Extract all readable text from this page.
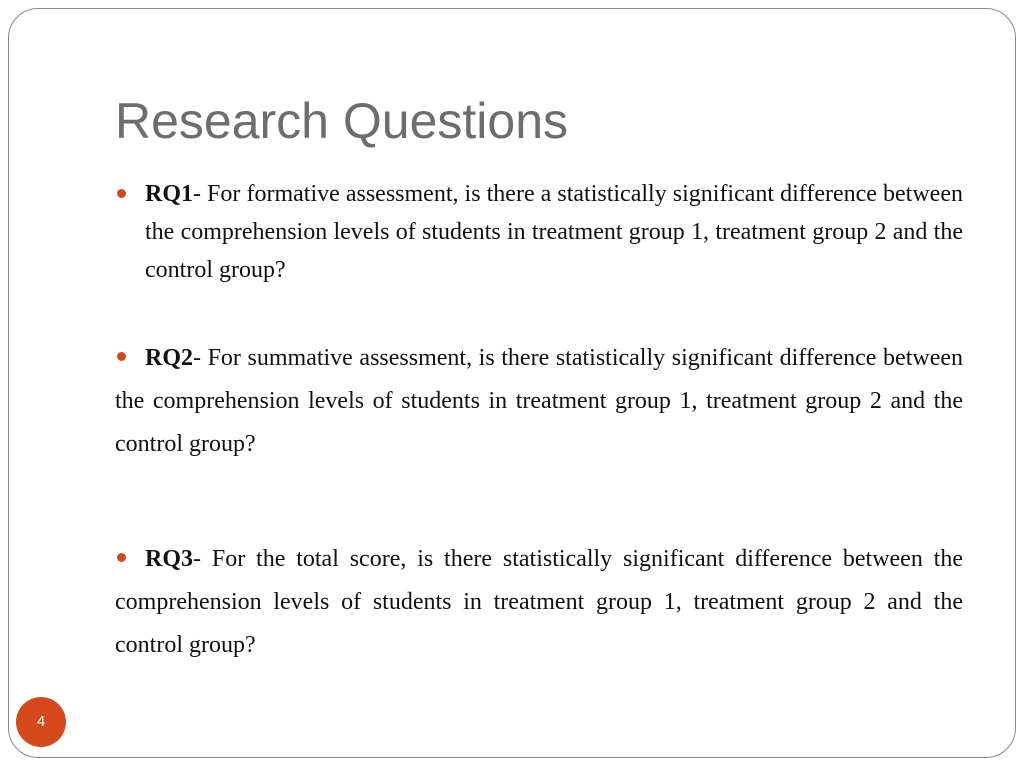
Research Questions

RQ1- For formative assessment, is there a statistically significant difference between the comprehension levels of students in treatment group 1, treatment group 2 and the control group?

RQ2- For summative assessment, is there statistically significant difference between the comprehension levels of students in treatment group 1, treatment group 2 and the control group?

RQ3- For the total score, is there statistically significant difference between the comprehension levels of students in treatment group 1, treatment group 2 and the control group?

4
